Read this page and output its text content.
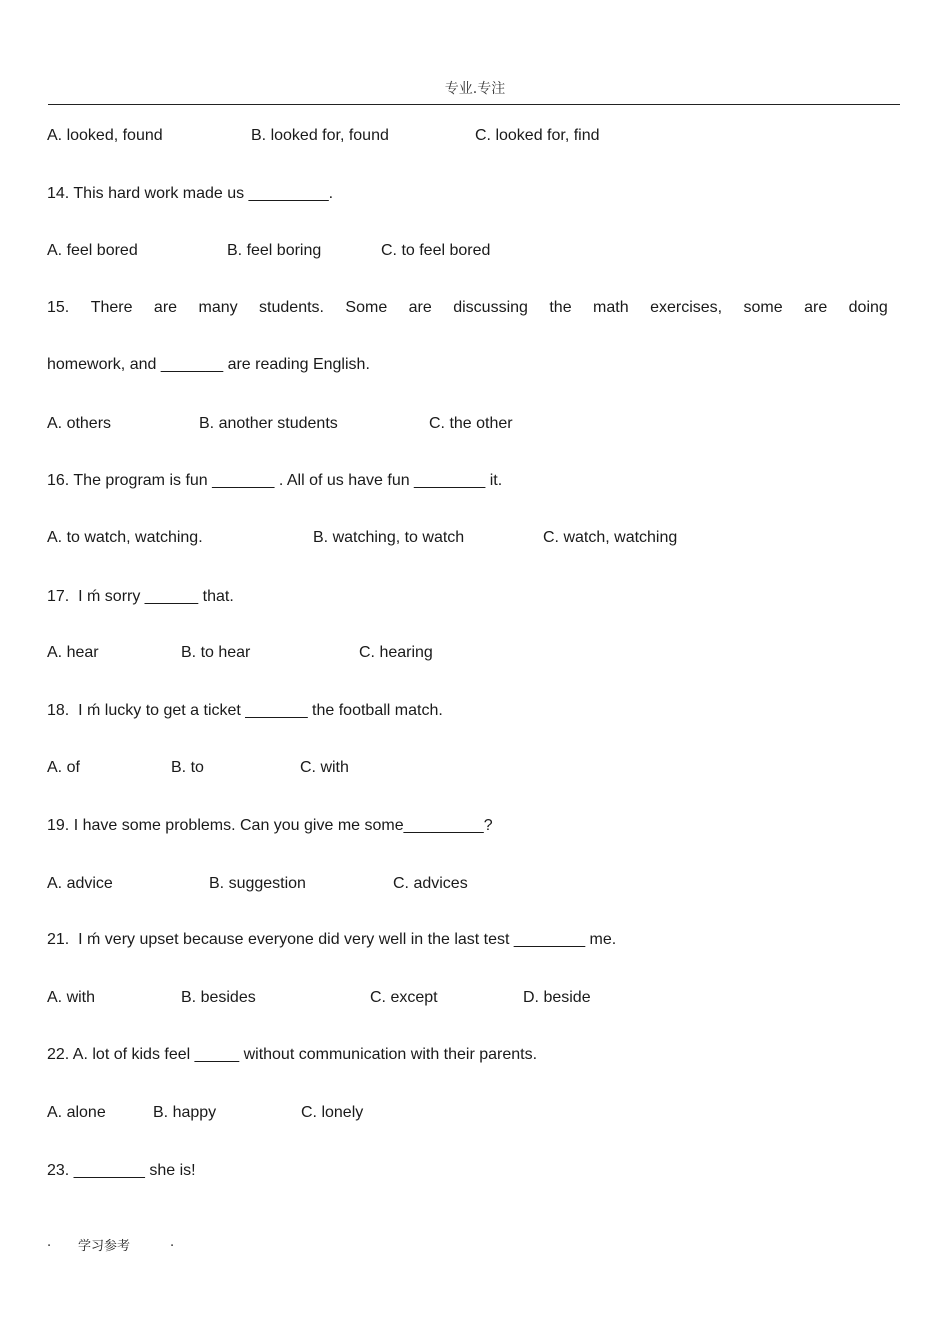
专业.专注
A. looked, found	B. looked for, found	C. looked for, find
14. This hard work made us _________.
A. feel bored	B. feel boring	C. to feel bored
15. There are many students. Some are discussing the math exercises, some are doing
homework, and _______ are reading English.
A. others	B. another students	C. the other
16. The program is fun _______ . All of us have fun ________ it.
A. to watch, watching.	B. watching, to watch	C. watch, watching
17.  I ḿ sorry ______ that.
A. hear	B. to hear	C. hearing
18.  I ḿ lucky to get a ticket _______ the football match.
A. of	B. to	C. with
19. I have some problems. Can you give me some_________?
A. advice	B. suggestion	C. advices
21.  I ḿ very upset because everyone did very well in the last test ________ me.
A. with	B. besides	C. except	D. beside
22. A. lot of kids feel _____ without communication with their parents.
A. alone	B. happy	C. lonely
23. ________ she is!
. 学习参考	.
